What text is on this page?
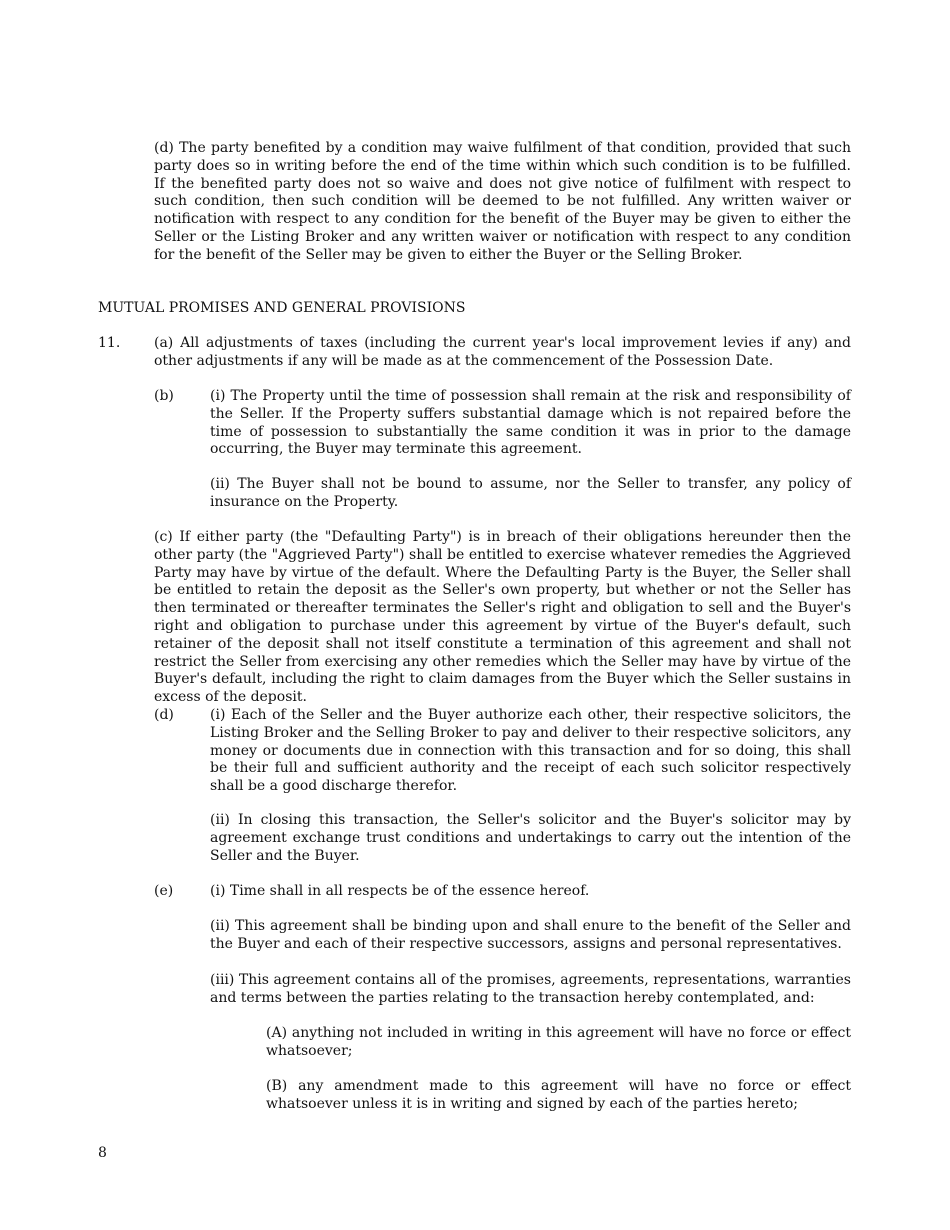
(d) The party benefited by a condition may waive fulfilment of that condition, provided that such party does so in writing before the end of the time within which such condition is to be fulfilled. If the benefited party does not so waive and does not give notice of fulfilment with respect to such condition, then such condition will be deemed to be not fulfilled. Any written waiver or notification with respect to any condition for the benefit of the Buyer may be given to either the Seller or the Listing Broker and any written waiver or notification with respect to any condition for the benefit of the Seller may be given to either the Buyer or the Selling Broker.

MUTUAL PROMISES AND GENERAL PROVISIONS

11. (a) All adjustments of taxes (including the current year's local improvement levies if any) and other adjustments if any will be made as at the commencement of the Possession Date.

(b)	(i) The Property until the time of possession shall remain at the risk and responsibility of the Seller. If the Property suffers substantial damage which is not repaired before the time of possession to substantially the same condition it was in prior to the damage occurring, the Buyer may terminate this agreement.

(ii) The Buyer shall not be bound to assume, nor the Seller to transfer, any policy of insurance on the Property.

(c) If either party (the "Defaulting Party") is in breach of their obligations hereunder then the other party (the "Aggrieved Party") shall be entitled to exercise whatever remedies the Aggrieved Party may have by virtue of the default. Where the Defaulting Party is the Buyer, the Seller shall be entitled to retain the deposit as the Seller's own property, but whether or not the Seller has then terminated or thereafter terminates the Seller's right and obligation to sell and the Buyer's right and obligation to purchase under this agreement by virtue of the Buyer's default, such retainer of the deposit shall not itself constitute a termination of this agreement and shall not restrict the Seller from exercising any other remedies which the Seller may have by virtue of the Buyer's default, including the right to claim damages from the Buyer which the Seller sustains in excess of the deposit.

(d)	(i) Each of the Seller and the Buyer authorize each other, their respective solicitors, the Listing Broker and the Selling Broker to pay and deliver to their respective solicitors, any money or documents due in connection with this transaction and for so doing, this shall be their full and sufficient authority and the receipt of each such solicitor respectively shall be a good discharge therefor.

(ii) In closing this transaction, the Seller's solicitor and the Buyer's solicitor may by agreement exchange trust conditions and undertakings to carry out the intention of the Seller and the Buyer.

(e)	(i) Time shall in all respects be of the essence hereof.

(ii) This agreement shall be binding upon and shall enure to the benefit of the Seller and the Buyer and each of their respective successors, assigns and personal representatives.

(iii) This agreement contains all of the promises, agreements, representations, warranties and terms between the parties relating to the transaction hereby contemplated, and:

(A) anything not included in writing in this agreement will have no force or effect whatsoever;

(B) any amendment made to this agreement will have no force or effect whatsoever unless it is in writing and signed by each of the parties hereto;

8
